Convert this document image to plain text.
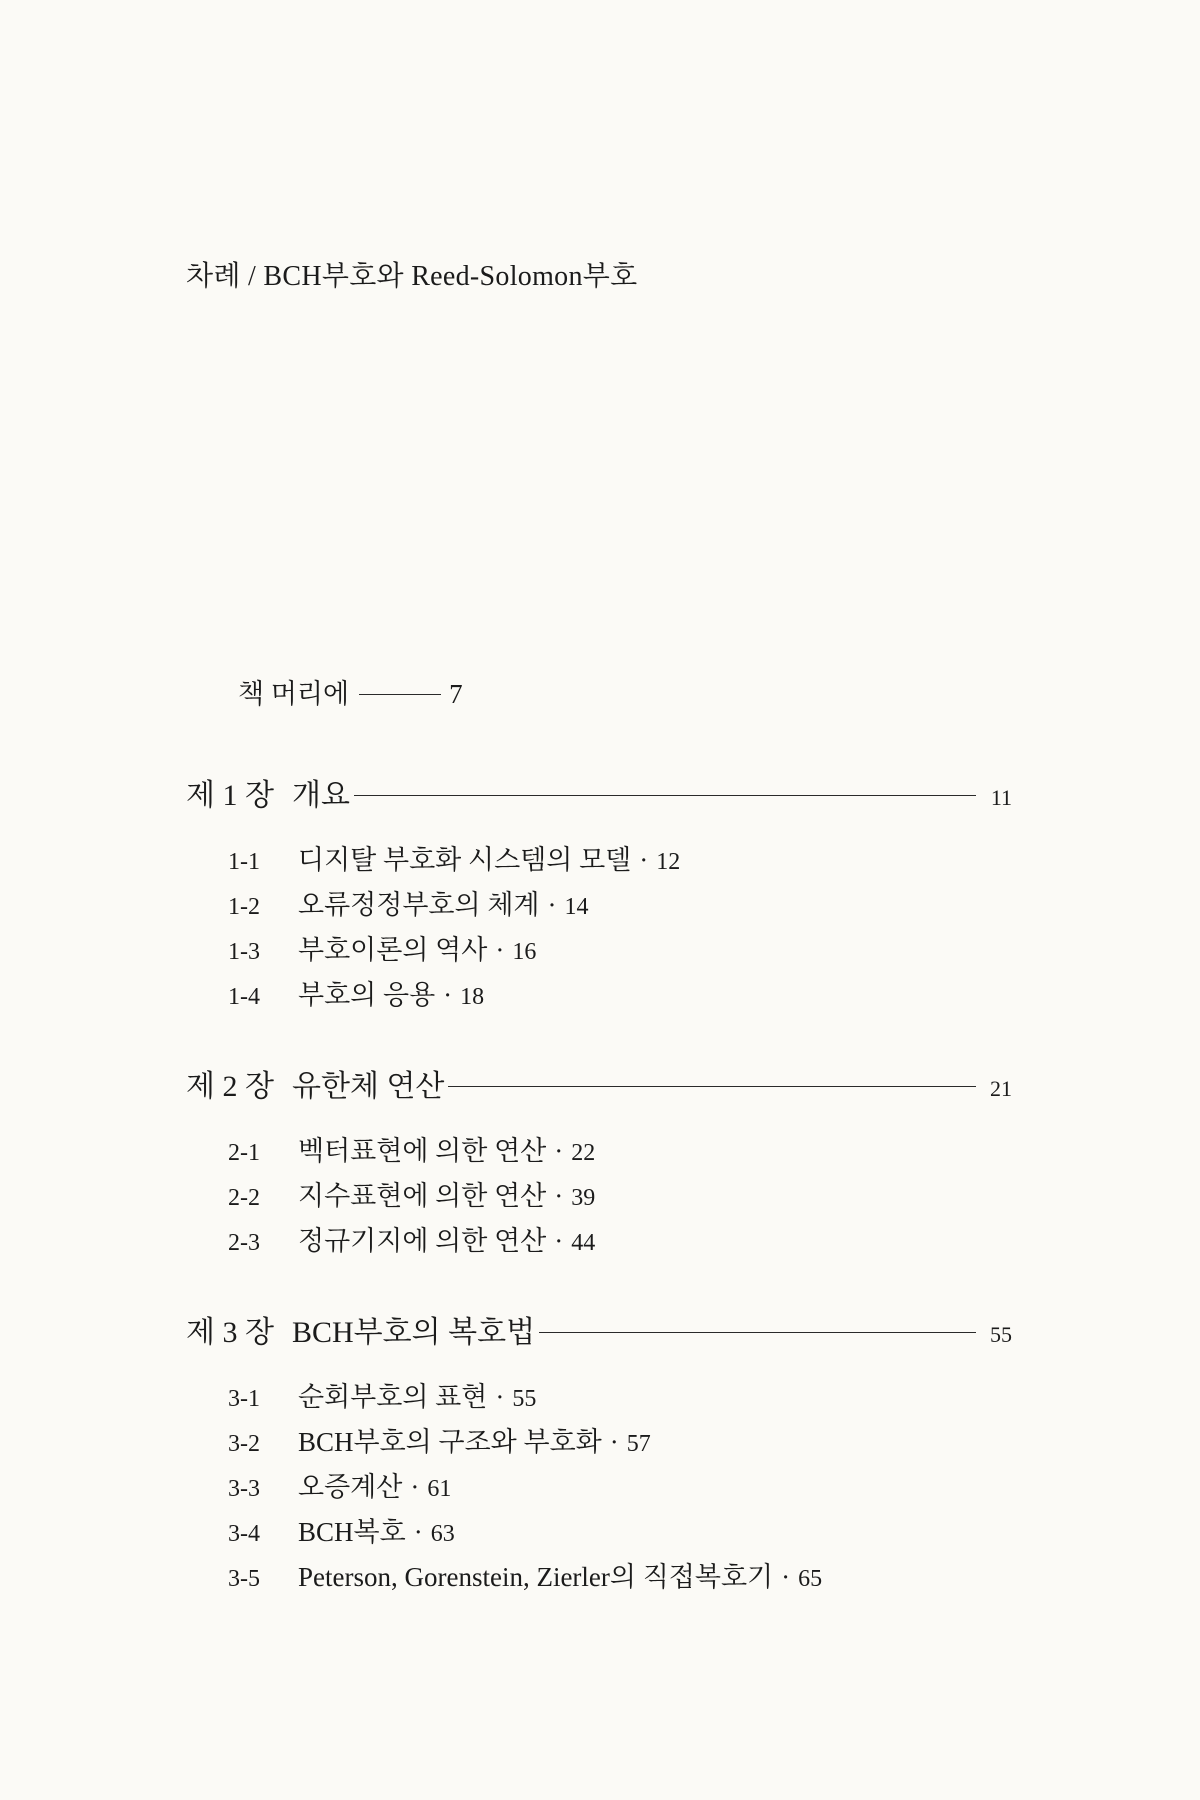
차례 / BCH부호와 Reed-Solomon부호
책 머리에	7
제 1 장 개요	11
1-1	디지탈 부호화 시스템의 모델 · 12
1-2	오류정정부호의 체계 · 14
1-3	부호이론의 역사 · 16
1-4	부호의 응용 · 18
제 2 장 유한체 연산	21
2-1	벡터표현에 의한 연산 · 22
2-2	지수표현에 의한 연산 · 39
2-3	정규기지에 의한 연산 · 44
제 3 장 BCH부호의 복호법	55
3-1	순회부호의 표현 · 55
3-2	BCH부호의 구조와 부호화 · 57
3-3	오증계산 · 61
3-4	BCH복호 · 63
3-5	Peterson, Gorenstein, Zierler의 직접복호기 · 65
